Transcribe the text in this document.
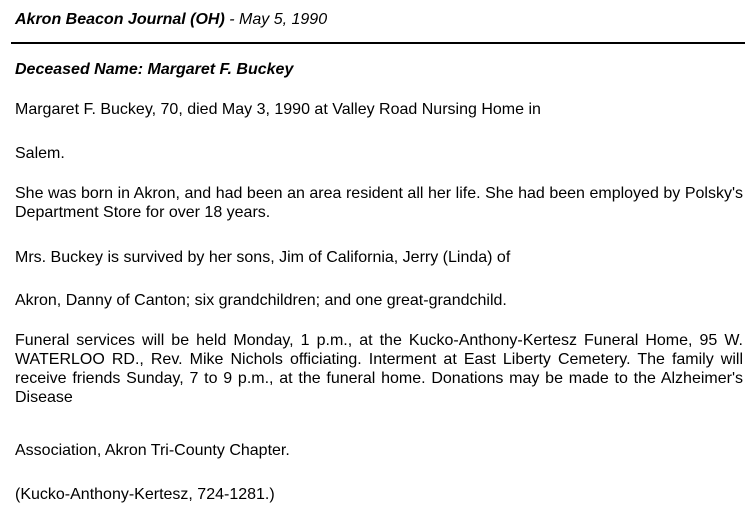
Akron Beacon Journal (OH) - May 5, 1990
Deceased Name: Margaret F. Buckey
Margaret F. Buckey, 70, died May 3, 1990 at Valley Road Nursing Home in
Salem.
She was born in Akron, and had been an area resident all her life. She had been employed by Polsky's Department Store for over 18 years.
Mrs. Buckey is survived by her sons, Jim of California, Jerry (Linda) of
Akron, Danny of Canton; six grandchildren; and one great-grandchild.
Funeral services will be held Monday, 1 p.m., at the Kucko-Anthony-Kertesz Funeral Home, 95 W. WATERLOO RD., Rev. Mike Nichols officiating. Interment at East Liberty Cemetery. The family will receive friends Sunday, 7 to 9 p.m., at the funeral home. Donations may be made to the Alzheimer's Disease
Association, Akron Tri-County Chapter.
(Kucko-Anthony-Kertesz, 724-1281.)
